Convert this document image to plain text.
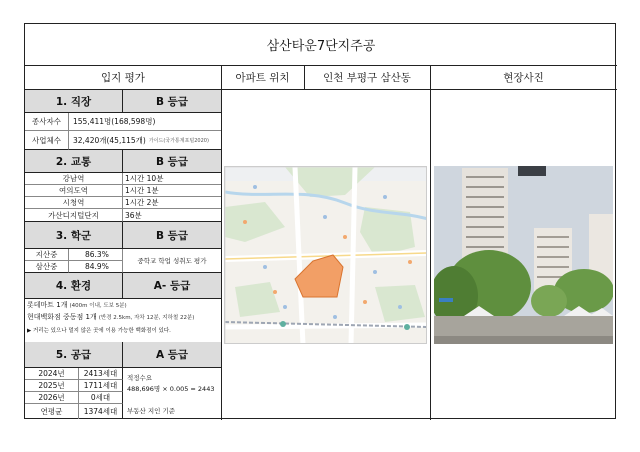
삼산타운7단지주공
입지 평가	아파트 위치	인천 부평구 삼산동	현장사진
1. 직장	B 등급
종사자수	155,411명(168,598명)
사업체수	32,420개(45,115개) 가이드(국가통계포털2020)
2. 교통	B 등급
강남역	1시간 10분
여의도역	1시간 1분
시청역	1시간 2분
가산디지털단지	36분
3. 학군	B 등급
지산중	86.3%
삼산중	84.9%
중학교 학업 성취도 평가
4. 환경	A- 등급
롯데마트 1개 (400m 이내, 도보 5분)
현대백화점 중동점 1개 (반경 2.5km, 자차 12분, 지하철 22분)
▶ 거리는 있으나 멀지 않은 곳에 이용 가능한 백화점이 있다.
5. 공급	A 등급
2024년	2413세대
2025년	1711세대
2026년	0세대
연평균	1374세대
적정수요
488,696명 × 0.005 = 2443
부동산 지인 기준
